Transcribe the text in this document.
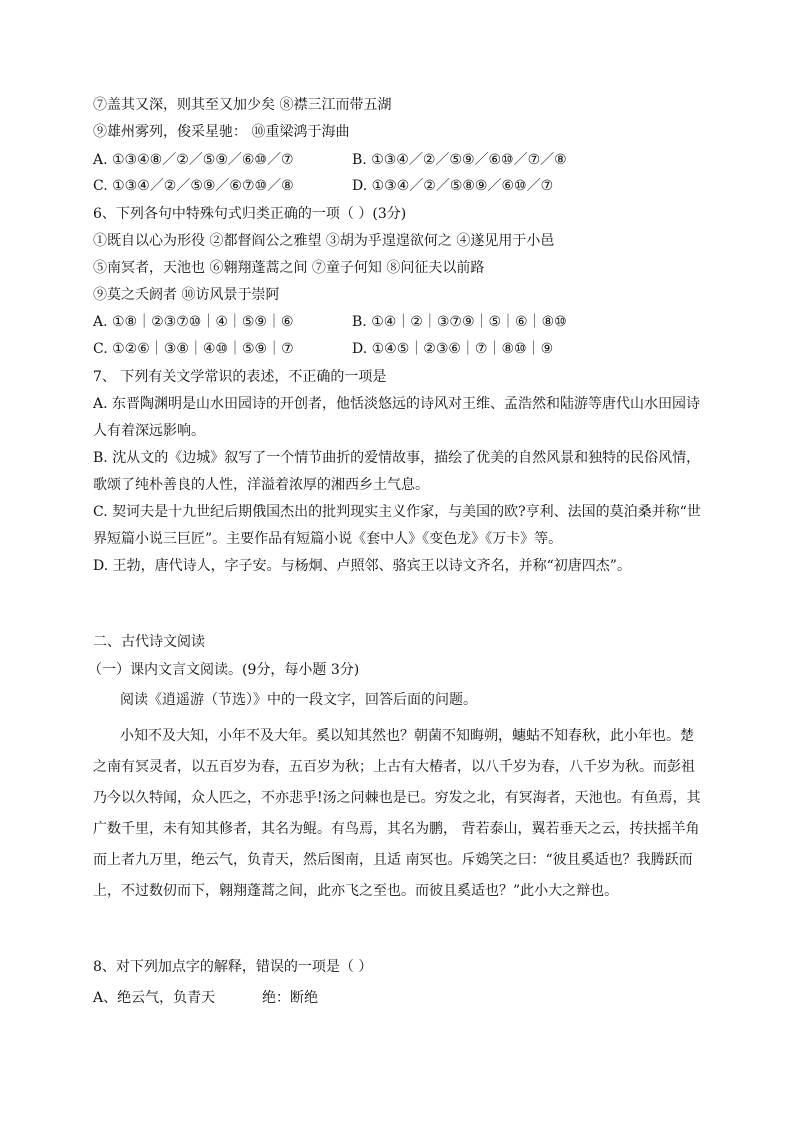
⑦盖其又深，则其至又加少矣 ⑧襟三江而带五湖
⑨雄州雾列，俊采星驰： ⑩重梁鸿于海曲
A. ①③④⑧／②／⑤⑨／⑥⑩／⑦	B. ①③④／②／⑤⑨／⑥⑩／⑦／⑧
C. ①③④／②／⑤⑨／⑥⑦⑩／⑧	D. ①③④／②／⑤⑧⑨／⑥⑩／⑦
6、下列各句中特殊句式归类正确的一项（ ）(3分)
①既自以心为形役 ②都督阎公之雅望 ③胡为乎遑遑欲何之 ④遂见用于小邑
⑤南冥者，天池也 ⑥翱翔蓬蒿之间 ⑦童子何知 ⑧问征夫以前路
⑨莫之夭阏者 ⑩访风景于崇阿
A. ①⑧｜②③⑦⑩｜④｜⑤⑨｜⑥	B. ①④｜②｜③⑦⑨｜⑤｜⑥｜⑧⑩
C. ①②⑥｜③⑧｜④⑩｜⑤⑨｜⑦	D. ①④⑤｜②③⑥｜⑦｜⑧⑩｜⑨
7、 下列有关文学常识的表述，不正确的一项是
A. 东晋陶渊明是山水田园诗的开创者，他恬淡悠远的诗风对王维、孟浩然和陆游等唐代山水田园诗
人有着深远影响。
B. 沈从文的《边城》叙写了一个情节曲折的爱情故事，描绘了优美的自然风景和独特的民俗风情，
歌颂了纯朴善良的人性，洋溢着浓厚的湘西乡土气息。
C. 契诃夫是十九世纪后期俄国杰出的批判现实主义作家，与美国的欧?亨利、法国的莫泊桑并称“世
界短篇小说三巨匠”。主要作品有短篇小说《套中人》《变色龙》《万卡》等。
D. 王勃，唐代诗人，字子安。与杨炯、卢照邻、骆宾王以诗文齐名，并称“初唐四杰”。
二、古代诗文阅读
（一）课内文言文阅读。(9分，每小题 3分)
阅读《逍遥游（节选）》中的一段文字，回答后面的问题。
小知不及大知，小年不及大年。奚以知其然也？朝菌不知晦朔，蟪蛄不知春秋，此小年也。楚
之南有冥灵者，以五百岁为春，五百岁为秋；上古有大椿者，以八千岁为春，八千岁为秋。而彭祖
乃今以久特闻，众人匹之，不亦悲乎!汤之问棘也是已。穷发之北，有冥海者，天池也。有鱼焉，其
广数千里，未有知其修者，其名为鲲。有鸟焉，其名为鹏， 背若泰山，翼若垂天之云，抟扶摇羊角
而上者九万里，绝云气，负青天，然后图南，且适 南冥也。斥鴳笑之曰：“彼且奚适也？我腾跃而
上，不过数仞而下，翱翔蓬蒿之间，此亦飞之至也。而彼且奚适也？”此小大之辩也。
8、对下列加点字的解释，错误的一项是（ ）
A、绝云气，负青天	绝：断绝
